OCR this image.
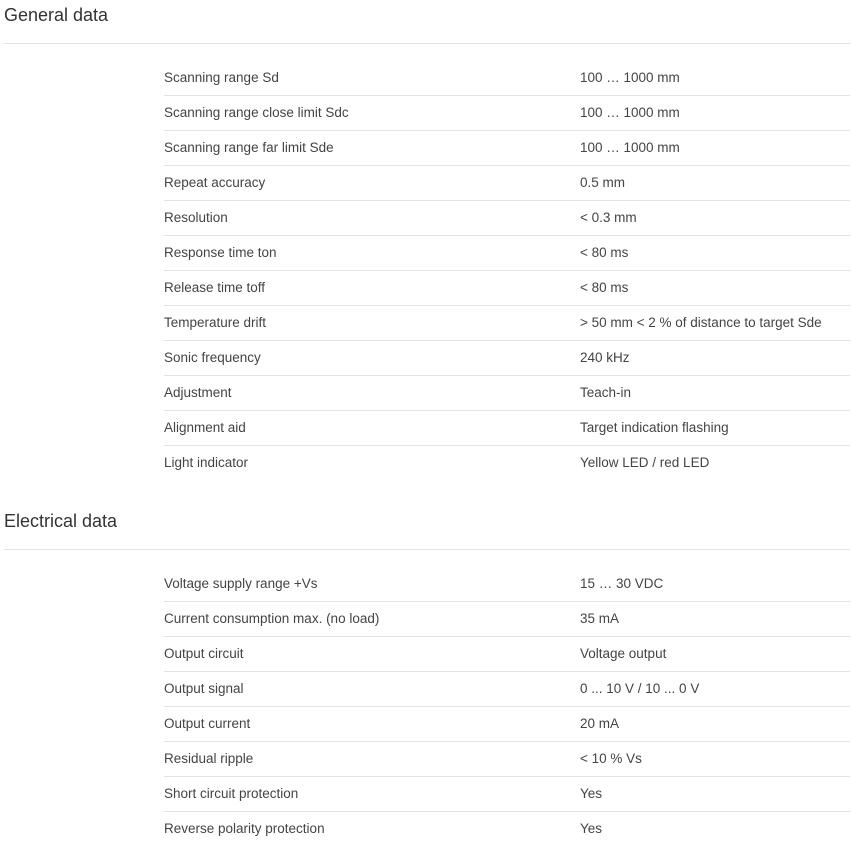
General data
Scanning range Sd	100 … 1000 mm
Scanning range close limit Sdc	100 … 1000 mm
Scanning range far limit Sde	100 … 1000 mm
Repeat accuracy	0.5 mm
Resolution	< 0.3 mm
Response time ton	< 80 ms
Release time toff	< 80 ms
Temperature drift	> 50 mm < 2 % of distance to target Sde
Sonic frequency	240 kHz
Adjustment	Teach-in
Alignment aid	Target indication flashing
Light indicator	Yellow LED / red LED
Electrical data
Voltage supply range +Vs	15 … 30 VDC
Current consumption max. (no load)	35 mA
Output circuit	Voltage output
Output signal	0 ... 10 V / 10 ... 0 V
Output current	20 mA
Residual ripple	< 10 % Vs
Short circuit protection	Yes
Reverse polarity protection	Yes
